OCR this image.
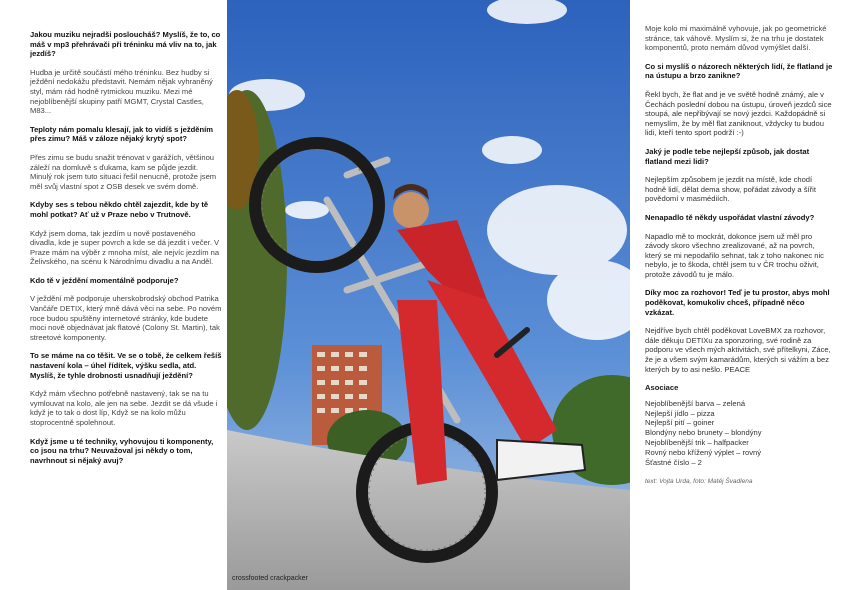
Jakou muziku nejradši posloucháš? Myslíš, že to, co máš v mp3 přehrávači při tréninku má vliv na to, jak jezdíš?

Hudba je určitě součástí mého tréninku. Bez hudby si ježdění nedokážu představit. Nemám nějak vyhraněný styl, mám rád hodně rytmickou muziku. Mezi mé nejoblíbenější skupiny patří MGMT, Crystal Castles, M83...

Teploty nám pomalu klesají, jak to vidíš s ježděním přes zimu? Máš v záloze nějaký krytý spot?

Přes zimu se budu snažit trénovat v garážích, většinou záleží na domluvě s ďukama, kam se půjde jezdit. Minulý rok jsem tuto situaci řešil nenucně, protože jsem měl svůj vlastní spot z OSB desek ve svém domě.

Kdyby ses s tebou někdo chtěl zajezdit, kde by tě mohl potkat? Ať už v Praze nebo v Trutnově.

Když jsem doma, tak jezdím u nově postaveného divadla, kde je super povrch a kde se dá jezdit i večer. V Praze mám na výběr z mnoha míst, ale nejvíc jezdím na Želivského, na scénu k Národnímu divadlu a na Anděl.

Kdo tě v jeźdění momentálně podporuje?

V ježdění mě podporuje uherskobrodský obchod Patrika Vančáře DETIX, který mně dává věci na sebe. Po novém roce budou spuštěny internetové stránky, kde budete moci nově objednávat jak flatové (Colony St. Martin), tak streetové komponenty.

To se máme na co těšit. Ve se o tobě, že celkem řešíš nastavení kola – úhel řídítek, výšku sedla, atd. Myslíš, že tyhle drobnosti usnadňují ježdění?

Když mám všechno potřebně nastavený, tak se na tu vymlouvat na kolo, ale jen na sebe. Jezdit se dá všude i když je to tak o dost líp, Když se na kolo můžu stoprocentně spolehnout.

Když jsme u té techniky, vyhovujou ti komponenty, co jsou na trhu? Neuvažoval jsi někdy o tom, navrhnout si nějaký avuj?

crossfooted crackpacker

Moje kolo mi maximálně vyhovuje, jak po geometrické stránce, tak váhově. Myslím si, že na trhu je dostatek komponentů, proto nemám důvod vymýšlet další.

Co si myslíš o názorech některých lidí, že flatland je na ústupu a brzo zanikne?

Řekl bych, že flat and je ve světě hodně známý, ale v Čechách poslední dobou na ústupu, úroveň jezdců sice stoupá, ale nepřibývají se nový jezdci. Každopádně si nemyslím, že by měl flat zaniknout, vždycky tu budou lidi, kteří tento sport podrží :-)

Jaký je podle tebe nejlepší způsob, jak dostat flatland mezi lidi?

Nejlepším způsobem je jezdit na místě, kde chodí hodně lidí, dělat dema show, pořádat závody a šířit povědomí v masmédiích.

Nenapadlo tě někdy uspořádat vlastní závody?

Napadlo mě to mockrát, dokonce jsem už měl pro závody skoro všechno zrealizované, až na povrch, který se mi nepodařilo sehnat, tak z toho nakonec nic nebylo, je to škoda, chtěl jsem tu v ČR trochu oživit, protože závodů tu je málo.

Díky moc za rozhovor! Teď je tu prostor, abys mohl poděkovat, komukoliv chceš, případně něco vzkázat.

Nejdříve bych chtěl poděkovat LoveBMX za rozhovor, dále děkuju DETIXu za sponzoring, své rodině za podporu ve všech mých aktivitách, své přítelkyni, Záce, že je a všem svým kamarádům, kterých si vážím a bez kterých by to asi nešlo. PEACE

Asociace
Nejoblíbenější barva – zelená
Nejlepší jídlo – pizza
Nejlepší pití – goiner
Blondýny nebo brunety – blondýny
Nejoblíbenější trik – halfpacker
Rovný nebo křížený výplet – rovný
Šťastné číslo – 2
text: Vojta Urda, foto: Matěj Švadlena
